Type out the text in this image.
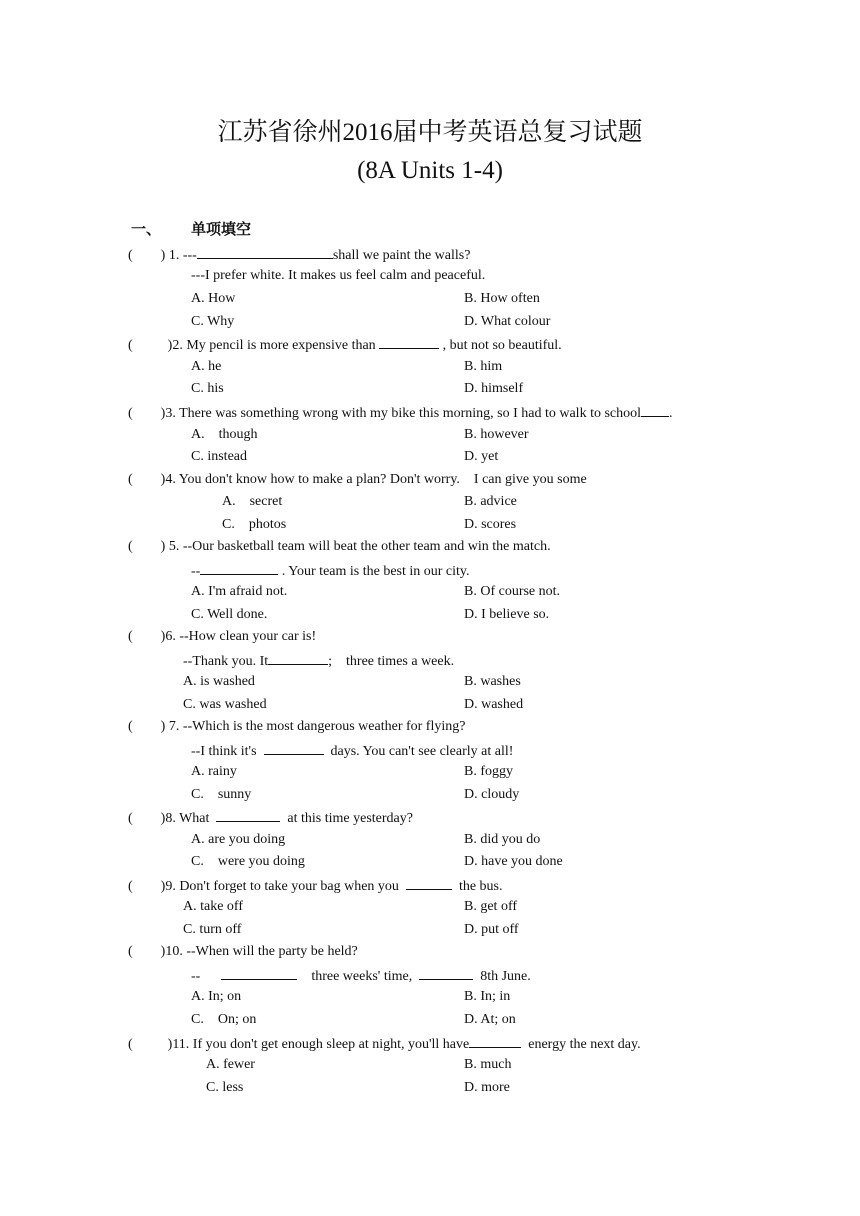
江苏省徐州2016届中考英语总复习试题
(8A Units 1-4)
一、 单项填空
(        ) 1. ---	shall we paint the walls?
---I prefer white. It makes us feel calm and peaceful.
A. How	B. How often
C. Why	D. What colour
(          )2. My pencil is more expensive than	, but not so beautiful.
A. he	B. him
C. his	D. himself
(        )3. There was something wrong with my bike this morning, so I had to walk to school .
A.    though	B. however
C. instead	D. yet
(        )4. You don't know how to make a plan? Don't worry.    I can give you some
A.    secret	B. advice
C.    photos	D. scores
(        ) 5. --Our basketball team will beat the other team and win the match.
--	. Your team is the best in our city.
A. I'm afraid not.	B. Of course not.
C. Well done.	D. I believe so.
(        )6. --How clean your car is!
--Thank you. It	;    three times a week.
A. is washed	B. washes
C. was washed	D. washed
(        ) 7. --Which is the most dangerous weather for flying?
--I think it's	days. You can't see clearly at all!
A. rainy	B. foggy
C.    sunny	D. cloudy
(        )8. What	at this time yesterday?
A. are you doing	B. did you do
C.    were you doing	D. have you done
(        )9. Don't forget to take your bag when you	the bus.
A. take off	B. get off
C. turn off	D. put off
(        )10. --When will the party be held?
--	three weeks' time,	8th June.
A. In; on	B. In; in
C.    On; on	D. At; on
(          )11. If you don't get enough sleep at night, you'll have	energy the next day.
A. fewer	B. much
C. less	D. more
